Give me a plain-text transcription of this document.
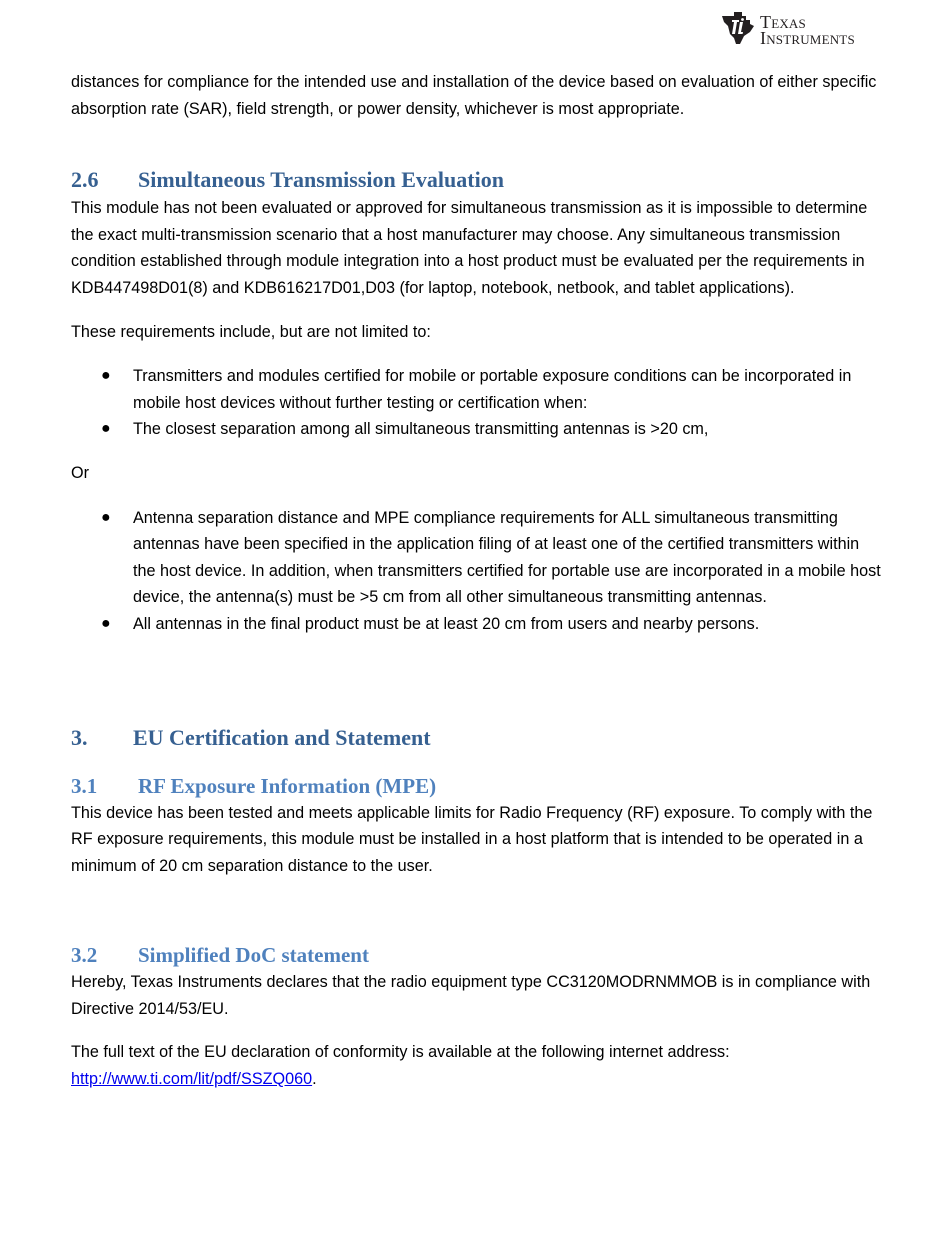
Texas
Instruments

distances for compliance for the intended use and installation of the device based on evaluation of either specific absorption rate (SAR), field strength, or power density, whichever is most appropriate.

2.6	Simultaneous Transmission Evaluation

This module has not been evaluated or approved for simultaneous transmission as it is impossible to determine the exact multi-transmission scenario that a host manufacturer may choose. Any simultaneous transmission condition established through module integration into a host product must be evaluated per the requirements in KDB447498D01(8) and KDB616217D01,D03 (for laptop, notebook, netbook, and tablet applications).

These requirements include, but are not limited to:

● Transmitters and modules certified for mobile or portable exposure conditions can be incorporated in mobile host devices without further testing or certification when:
● The closest separation among all simultaneous transmitting antennas is >20 cm,

Or

● Antenna separation distance and MPE compliance requirements for ALL simultaneous transmitting antennas have been specified in the application filing of at least one of the certified transmitters within the host device. In addition, when transmitters certified for portable use are incorporated in a mobile host device, the antenna(s) must be >5 cm from all other simultaneous transmitting antennas.
● All antennas in the final product must be at least 20 cm from users and nearby persons.
3.	EU Certification and Statement
3.1	RF Exposure Information (MPE)

This device has been tested and meets applicable limits for Radio Frequency (RF) exposure. To comply with the RF exposure requirements, this module must be installed in a host platform that is intended to be operated in a minimum of 20 cm separation distance to the user.

3.2	Simplified DoC statement

Hereby, Texas Instruments declares that the radio equipment type CC3120MODRNMMOB is in compliance with Directive 2014/53/EU.

The full text of the EU declaration of conformity is available at the following internet address:
http://www.ti.com/lit/pdf/SSZQ060.
